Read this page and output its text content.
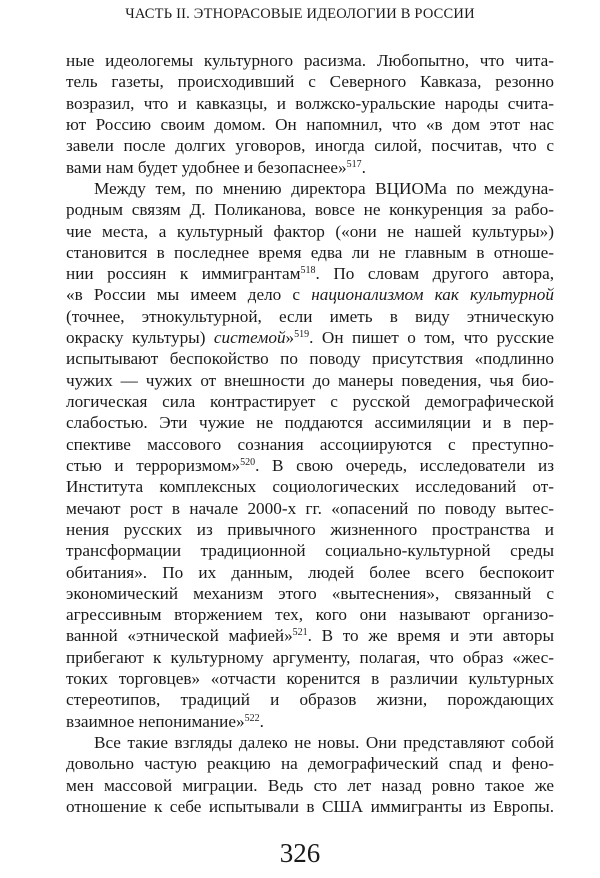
ЧАСТЬ II. ЭТНОРАСОВЫЕ ИДЕОЛОГИИ В РОССИИ
ные идеологемы культурного расизма. Любопытно, что чита-
тель газеты, происходивший с Северного Кавказа, резонно
возразил, что и кавказцы, и волжско-уральские народы счита-
ют Россию своим домом. Он напомнил, что «в дом этот нас
завели после долгих уговоров, иногда силой, посчитав, что с
вами нам будет удобнее и безопаснее»$^{517}$.
Между тем, по мнению директора ВЦИОМа по междуна-
родным связям Д. Поликанова, вовсе не конкуренция за рабо-
чие места, а культурный фактор («они не нашей культуры»)
становится в последнее время едва ли не главным в отноше-
нии россиян к иммигрантам$^{518}$. По словам другого автора,
«в России мы имеем дело с национализмом как культурной
(точнее, этнокультурной, если иметь в виду этническую
окраску культуры) системой»$^{519}$. Он пишет о том, что русские
испытывают беспокойство по поводу присутствия «подлинно
чужих — чужих от внешности до манеры поведения, чья био-
логическая сила контрастирует с русской демографической
слабостью. Эти чужие не поддаются ассимиляции и в пер-
спективе массового сознания ассоциируются с преступно-
стью и терроризмом»$^{520}$. В свою очередь, исследователи из
Института комплексных социологических исследований от-
мечают рост в начале 2000-х гг. «опасений по поводу вытес-
нения русских из привычного жизненного пространства и
трансформации традиционной социально-культурной среды
обитания». По их данным, людей более всего беспокоит
экономический механизм этого «вытеснения», связанный с
агрессивным вторжением тех, кого они называют организо-
ванной «этнической мафией»$^{521}$. В то же время и эти авторы
прибегают к культурному аргументу, полагая, что образ «жес-
токих торговцев» «отчасти коренится в различии культурных
стереотипов, традиций и образов жизни, порождающих
взаимное непонимание»$^{522}$.
Все такие взгляды далеко не новы. Они представляют собой
довольно частую реакцию на демографический спад и фено-
мен массовой миграции. Ведь сто лет назад ровно такое же
отношение к себе испытывали в США иммигранты из Европы.
326
